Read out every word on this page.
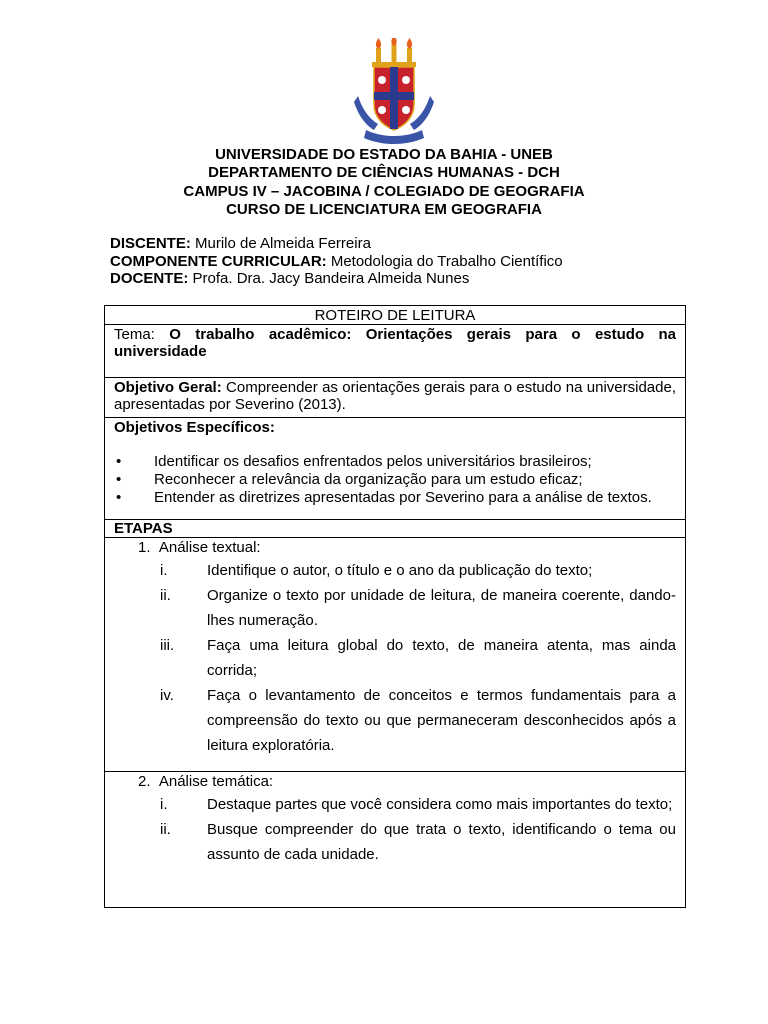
UNIVERSIDADE DO ESTADO DA BAHIA - UNEB
DEPARTAMENTO DE CIÊNCIAS HUMANAS - DCH
CAMPUS IV – JACOBINA / COLEGIADO DE GEOGRAFIA
CURSO DE LICENCIATURA EM GEOGRAFIA
DISCENTE: Murilo de Almeida Ferreira
COMPONENTE CURRICULAR: Metodologia do Trabalho Científico
DOCENTE: Profa. Dra. Jacy Bandeira Almeida Nunes
ROTEIRO DE LEITURA
Tema: O trabalho acadêmico: Orientações gerais para o estudo na universidade
Objetivo Geral: Compreender as orientações gerais para o estudo na universidade, apresentadas por Severino (2013).

Objetivos Específicos:
• Identificar os desafios enfrentados pelos universitários brasileiros;
• Reconhecer a relevância da organização para um estudo eficaz;
• Entender as diretrizes apresentadas por Severino para a análise de textos.

ETAPAS

1. Análise textual:
i.	Identifique o autor, o título e o ano da publicação do texto;
ii. Organize o texto por unidade de leitura, de maneira coerente, dando-lhes numeração.
iii. Faça uma leitura global do texto, de maneira atenta, mas ainda corrida;
iv. Faça o levantamento de conceitos e termos fundamentais para a compreensão do texto ou que permaneceram desconhecidos após a leitura exploratória.

2. Análise temática:
i.	Destaque partes que você considera como mais importantes do texto;
ii. Busque compreender do que trata o texto, identificando o tema ou assunto de cada unidade.
